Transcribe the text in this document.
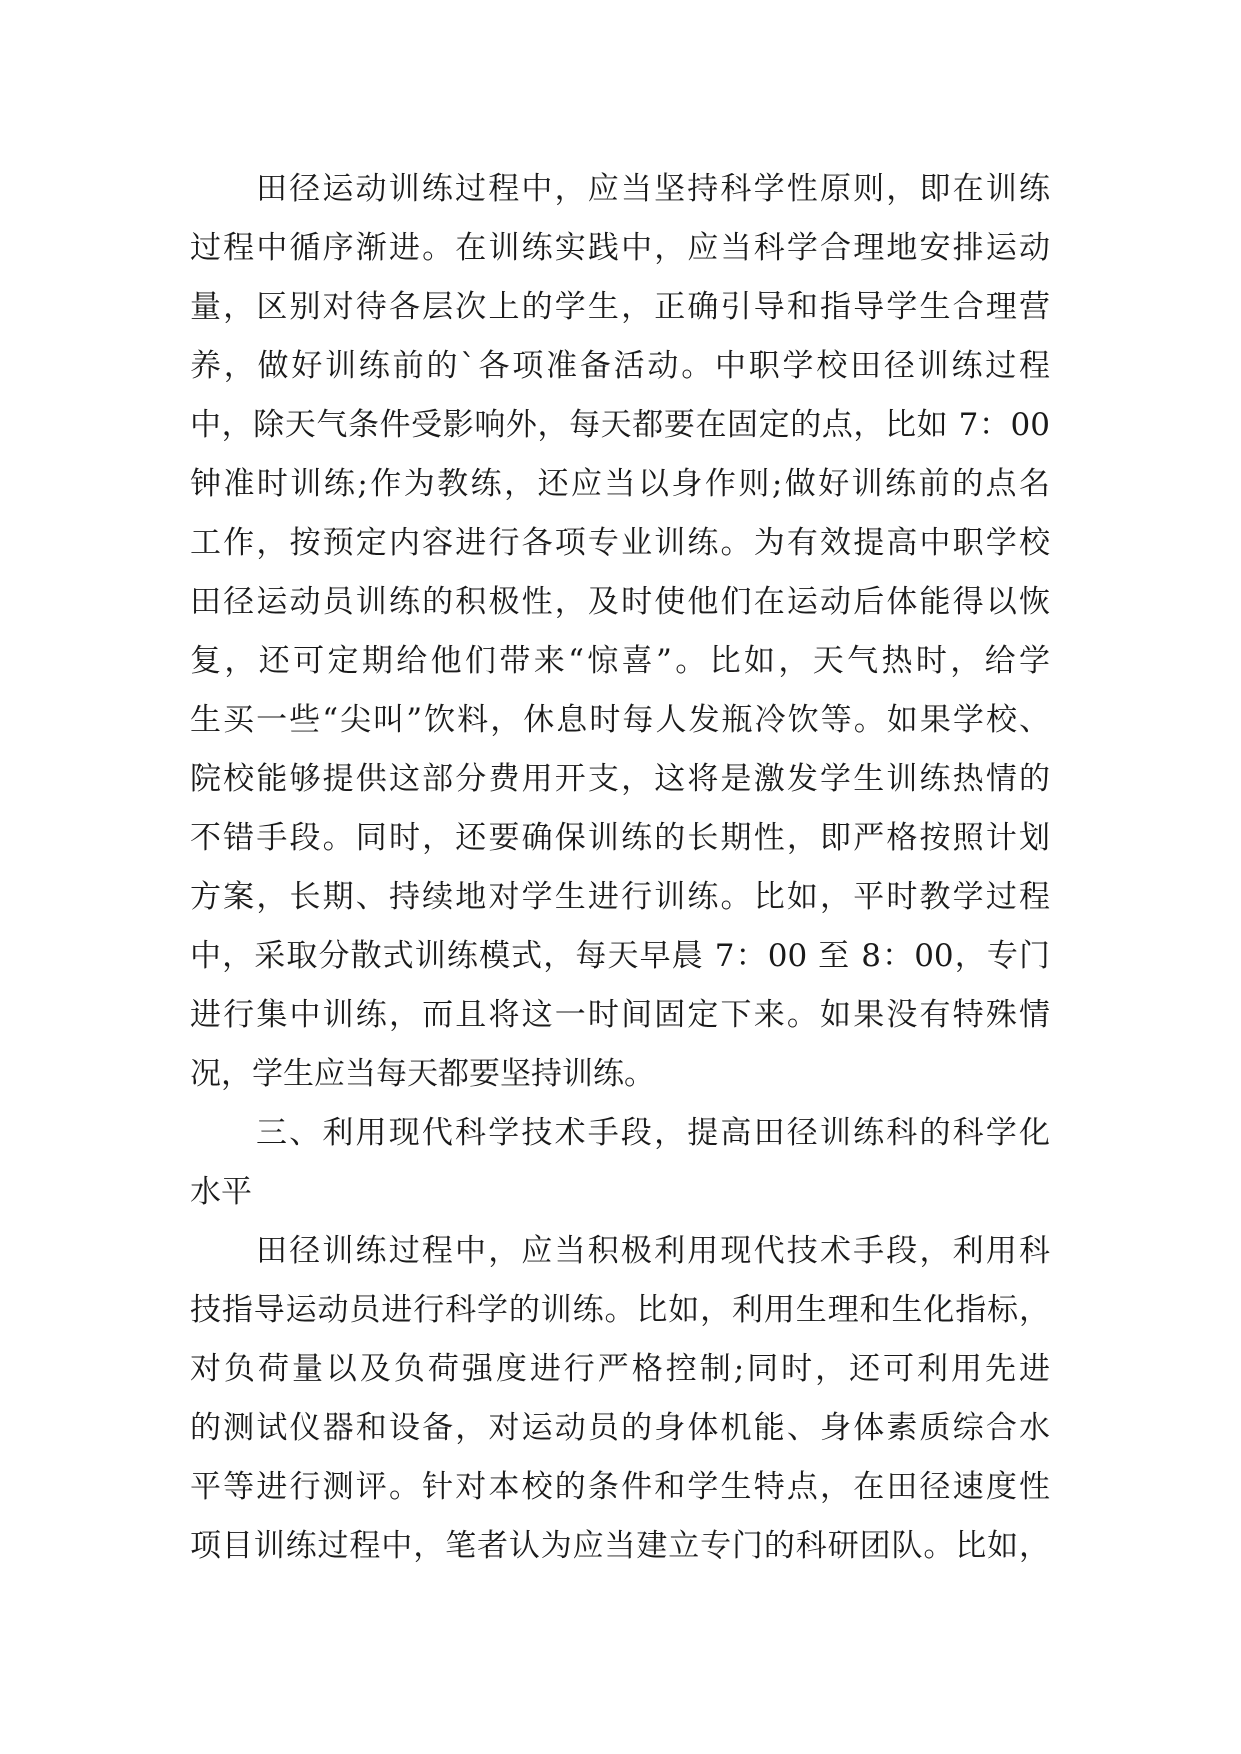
田径运动训练过程中，应当坚持科学性原则，即在训练

过程中循序渐进。在训练实践中，应当科学合理地安排运动

量，区别对待各层次上的学生，正确引导和指导学生合理营

养，做好训练前的`各项准备活动。中职学校田径训练过程

中，除天气条件受影响外，每天都要在固定的点，比如 7：00

钟准时训练;作为教练，还应当以身作则;做好训练前的点名

工作，按预定内容进行各项专业训练。为有效提高中职学校

田径运动员训练的积极性，及时使他们在运动后体能得以恢

复，还可定期给他们带来“惊喜”。比如，天气热时，给学

生买一些“尖叫”饮料，休息时每人发瓶冷饮等。如果学校、

院校能够提供这部分费用开支，这将是激发学生训练热情的

不错手段。同时，还要确保训练的长期性，即严格按照计划

方案，长期、持续地对学生进行训练。比如，平时教学过程

中，采取分散式训练模式，每天早晨 7：00 至 8：00，专门

进行集中训练，而且将这一时间固定下来。如果没有特殊情

况，学生应当每天都要坚持训练。

三、利用现代科学技术手段，提高田径训练科的科学化

水平

田径训练过程中，应当积极利用现代技术手段，利用科

技指导运动员进行科学的训练。比如，利用生理和生化指标，

对负荷量以及负荷强度进行严格控制;同时，还可利用先进

的测试仪器和设备，对运动员的身体机能、身体素质综合水

平等进行测评。针对本校的条件和学生特点，在田径速度性

项目训练过程中，笔者认为应当建立专门的科研团队。比如，
